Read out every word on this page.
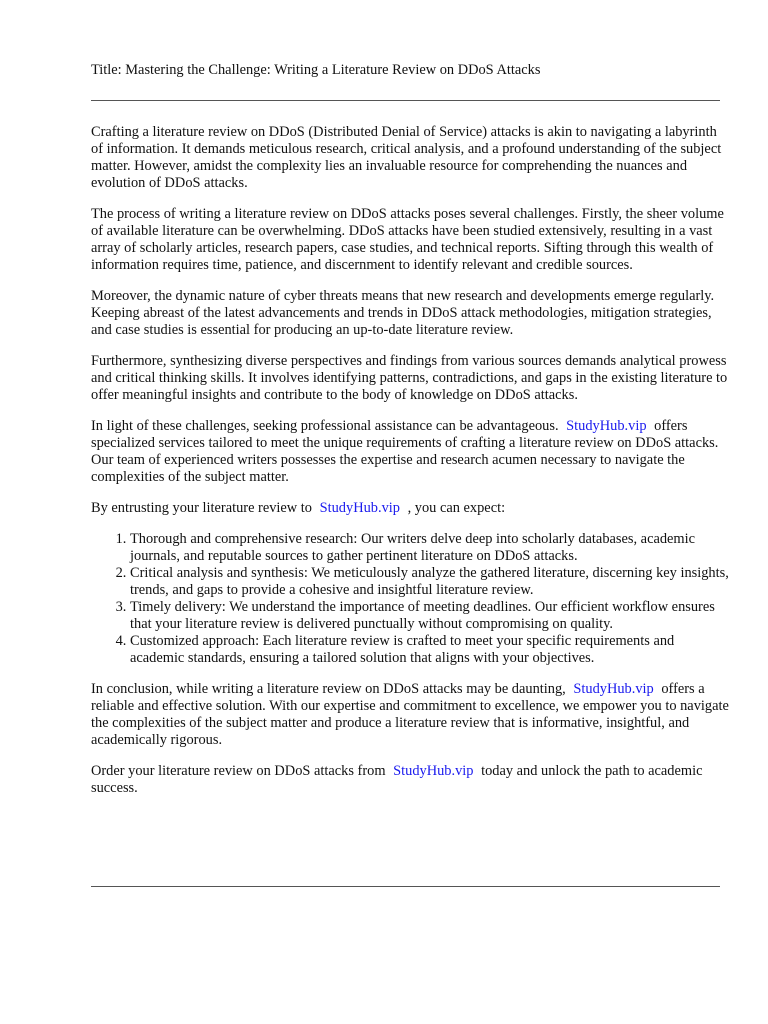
Title: Mastering the Challenge: Writing a Literature Review on DDoS Attacks

Crafting a literature review on DDoS (Distributed Denial of Service) attacks is akin to navigating a labyrinth of information. It demands meticulous research, critical analysis, and a profound understanding of the subject matter. However, amidst the complexity lies an invaluable resource for comprehending the nuances and evolution of DDoS attacks.

The process of writing a literature review on DDoS attacks poses several challenges. Firstly, the sheer volume of available literature can be overwhelming. DDoS attacks have been studied extensively, resulting in a vast array of scholarly articles, research papers, case studies, and technical reports. Sifting through this wealth of information requires time, patience, and discernment to identify relevant and credible sources.

Moreover, the dynamic nature of cyber threats means that new research and developments emerge regularly. Keeping abreast of the latest advancements and trends in DDoS attack methodologies, mitigation strategies, and case studies is essential for producing an up-to-date literature review.

Furthermore, synthesizing diverse perspectives and findings from various sources demands analytical prowess and critical thinking skills. It involves identifying patterns, contradictions, and gaps in the existing literature to offer meaningful insights and contribute to the body of knowledge on DDoS attacks.

In light of these challenges, seeking professional assistance can be advantageous. StudyHub.vip offers specialized services tailored to meet the unique requirements of crafting a literature review on DDoS attacks. Our team of experienced writers possesses the expertise and research acumen necessary to navigate the complexities of the subject matter.

By entrusting your literature review to StudyHub.vip , you can expect:

1. Thorough and comprehensive research: Our writers delve deep into scholarly databases, academic journals, and reputable sources to gather pertinent literature on DDoS attacks.
2. Critical analysis and synthesis: We meticulously analyze the gathered literature, discerning key insights, trends, and gaps to provide a cohesive and insightful literature review.
3. Timely delivery: We understand the importance of meeting deadlines. Our efficient workflow ensures that your literature review is delivered punctually without compromising on quality.
4. Customized approach: Each literature review is crafted to meet your specific requirements and academic standards, ensuring a tailored solution that aligns with your objectives.

In conclusion, while writing a literature review on DDoS attacks may be daunting, StudyHub.vip offers a reliable and effective solution. With our expertise and commitment to excellence, we empower you to navigate the complexities of the subject matter and produce a literature review that is informative, insightful, and academically rigorous.

Order your literature review on DDoS attacks from StudyHub.vip today and unlock the path to academic success.
